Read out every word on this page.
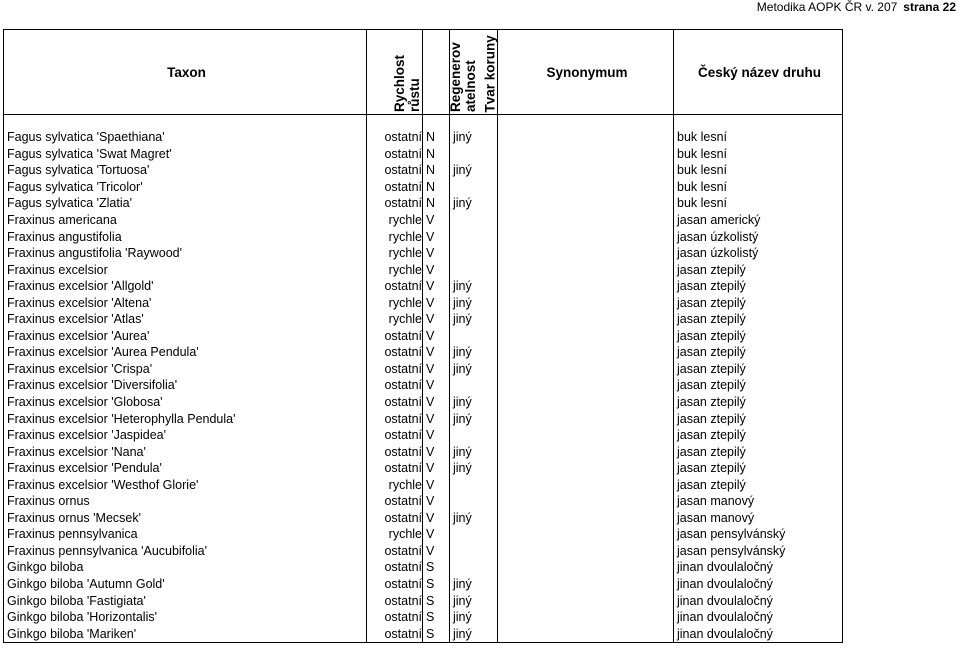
Metodika AOPK ČR v. 207 strana 22
Taxon	Rychlost růstu	Regenerov atelnost	Tvar koruny	Synonymum	Český název druhu

Fagus sylvatica 'Spaethiana'	ostatní	N	jiný		buk lesní
Fagus sylvatica 'Swat Magret'	ostatní	N			buk lesní
Fagus sylvatica 'Tortuosa'	ostatní	N	jiný		buk lesní
Fagus sylvatica 'Tricolor'	ostatní	N			buk lesní
Fagus sylvatica 'Zlatia'	ostatní	N	jiný		buk lesní
Fraxinus americana	rychle	V			jasan americký
Fraxinus angustifolia	rychle	V			jasan úzkolistý
Fraxinus angustifolia 'Raywood'	rychle	V			jasan úzkolistý
Fraxinus excelsior	rychle	V			jasan ztepilý
Fraxinus excelsior 'Allgold'	ostatní	V	jiný		jasan ztepilý
Fraxinus excelsior 'Altena'	rychle	V	jiný		jasan ztepilý
Fraxinus excelsior 'Atlas'	rychle	V	jiný		jasan ztepilý
Fraxinus excelsior 'Aurea'	ostatní	V			jasan ztepilý
Fraxinus excelsior 'Aurea Pendula'	ostatní	V	jiný		jasan ztepilý
Fraxinus excelsior 'Crispa'	ostatní	V	jiný		jasan ztepilý
Fraxinus excelsior 'Diversifolia'	ostatní	V			jasan ztepilý
Fraxinus excelsior 'Globosa'	ostatní	V	jiný		jasan ztepilý
Fraxinus excelsior 'Heterophylla Pendula'	ostatní	V	jiný		jasan ztepilý
Fraxinus excelsior 'Jaspidea'	ostatní	V			jasan ztepilý
Fraxinus excelsior 'Nana'	ostatní	V	jiný		jasan ztepilý
Fraxinus excelsior 'Pendula'	ostatní	V	jiný		jasan ztepilý
Fraxinus excelsior 'Westhof Glorie'	rychle	V			jasan ztepilý
Fraxinus ornus	ostatní	V			jasan manový
Fraxinus ornus 'Mecsek'	ostatní	V	jiný		jasan manový
Fraxinus pennsylvanica	rychle	V			jasan pensylvánský
Fraxinus pennsylvanica 'Aucubifolia'	ostatní	V			jasan pensylvánský
Ginkgo biloba	ostatní	S			jinan dvoulaločný
Ginkgo biloba 'Autumn Gold'	ostatní	S	jiný		jinan dvoulaločný
Ginkgo biloba 'Fastigiata'	ostatní	S	jiný		jinan dvoulaločný
Ginkgo biloba 'Horizontalis'	ostatní	S	jiný		jinan dvoulaločný
Ginkgo biloba 'Mariken'	ostatní	S	jiný		jinan dvoulaločný
